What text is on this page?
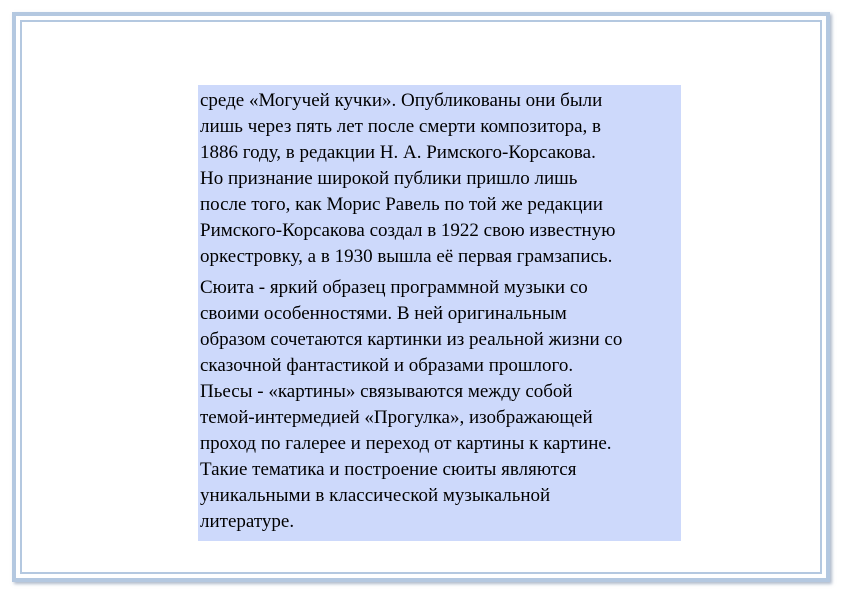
среде «Могучей кучки». Опубликованы они были
лишь через пять лет после смерти композитора, в
1886 году, в редакции Н. А. Римского-Корсакова.
Но признание широкой публики пришло лишь
после того, как Морис Равель по той же редакции
Римского-Корсакова создал в 1922 свою известную
оркестровку, а в 1930 вышла её первая грамзапись.

Сюита - яркий образец программной музыки со
своими особенностями. В ней оригинальным
образом сочетаются картинки из реальной жизни со
сказочной фантастикой и образами прошлого.
Пьесы - «картины» связываются между собой
темой-интермедией «Прогулка», изображающей
проход по галерее и переход от картины к картине.
Такие тематика и построение сюиты являются
уникальными в классической музыкальной
литературе.
